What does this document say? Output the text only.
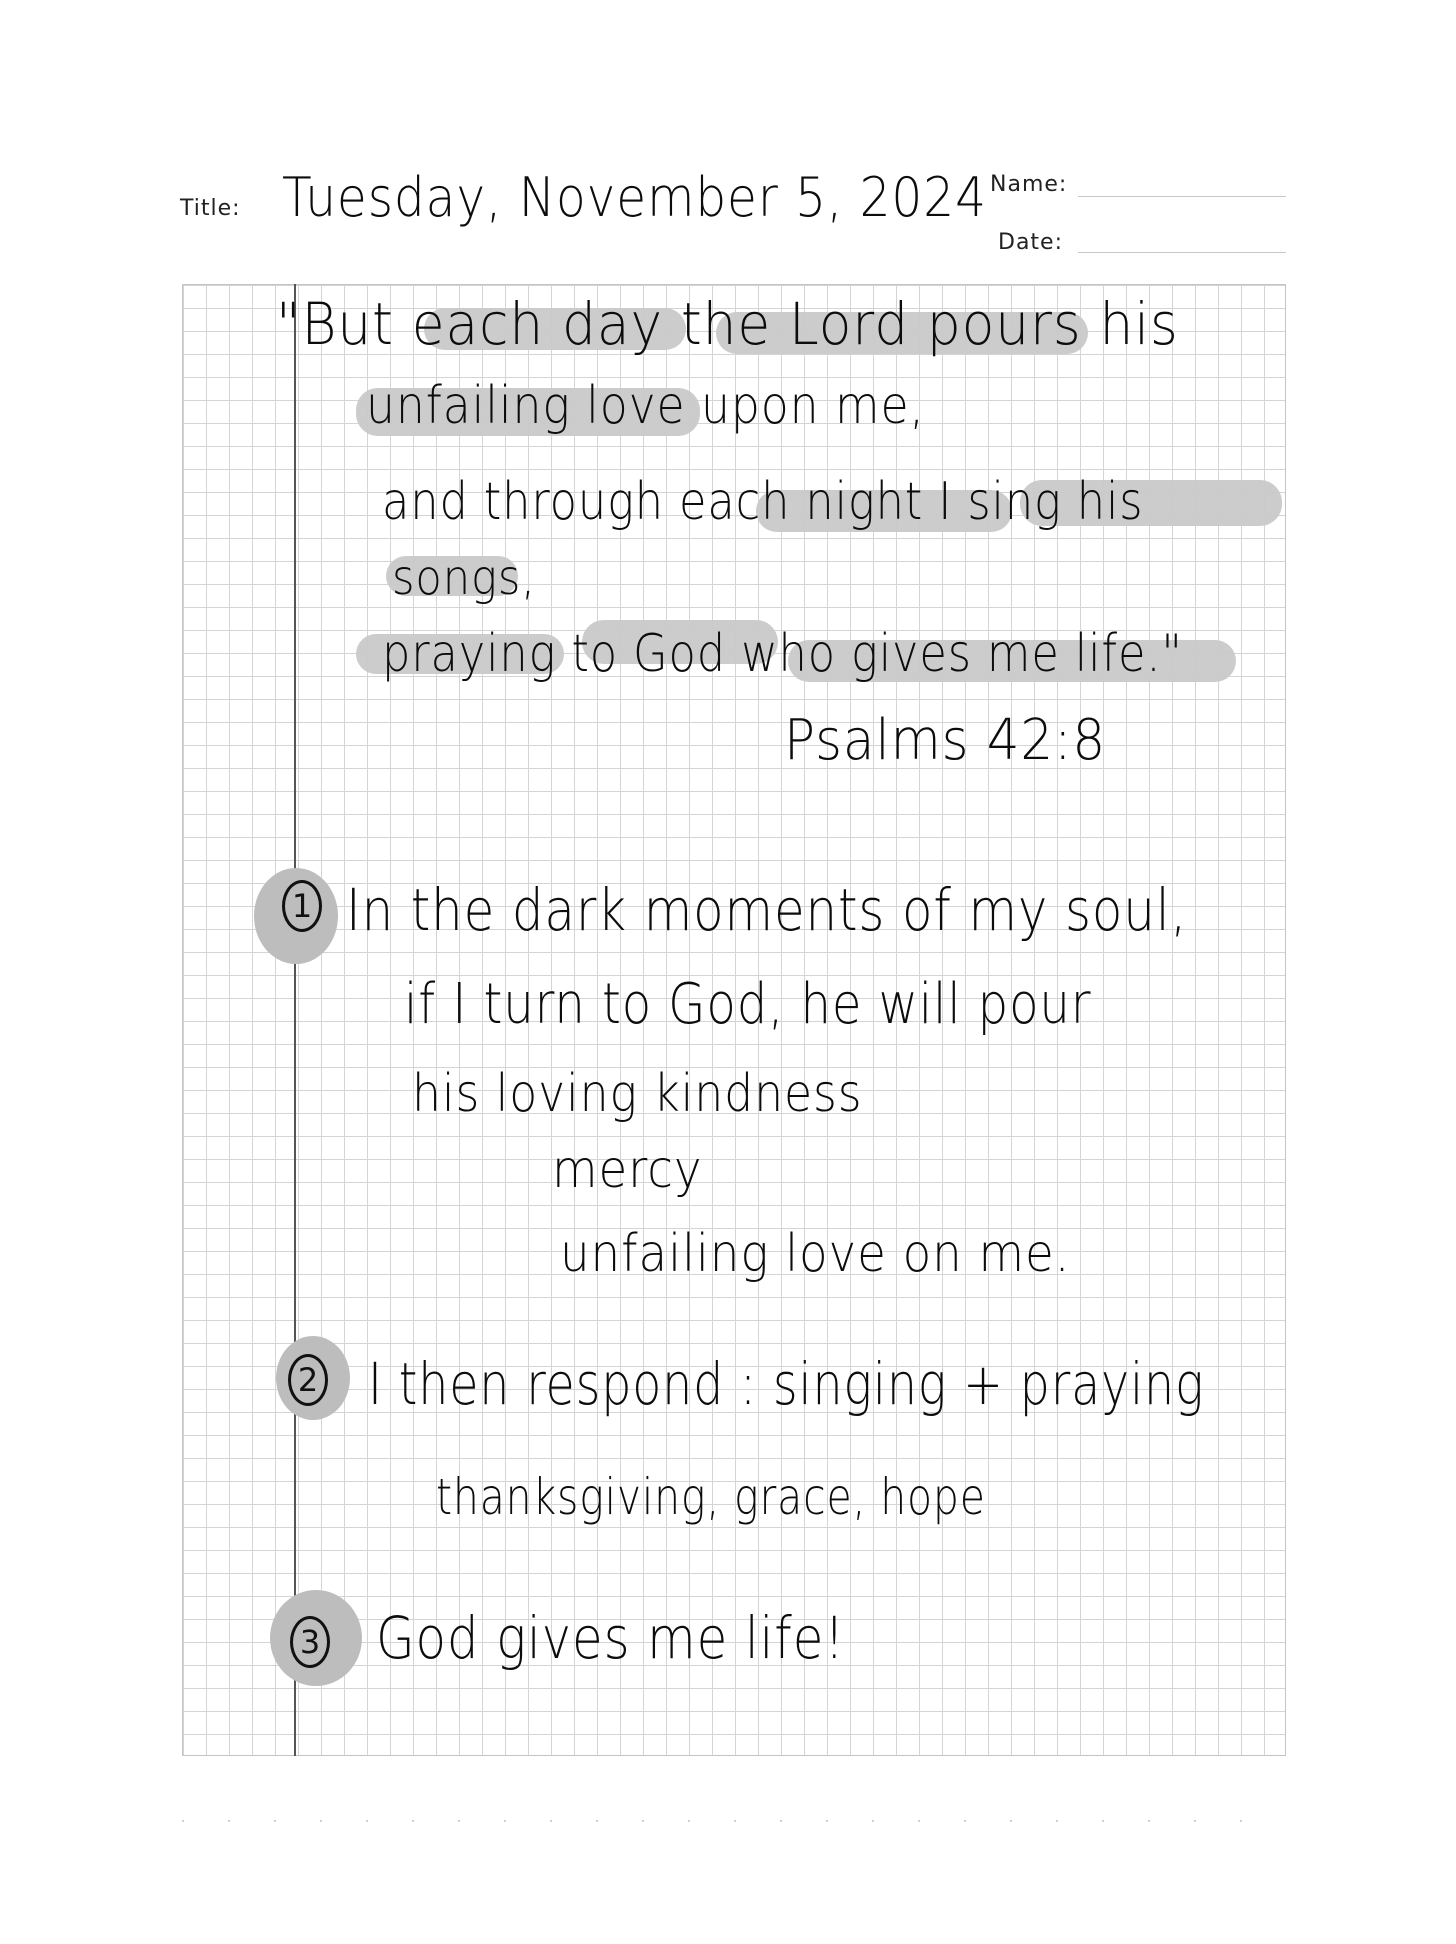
Title: Tuesday, November 5, 2024 Name:
Date:
"But each day the Lord pours his
unfailing love upon me,
and through each night I sing his
songs,
praying to God who gives me life."
Psalms 42:8
1 In the dark moments of my soul,
if I turn to God, he will pour
his loving kindness
mercy
unfailing love on me.
2 I then respond : singing + praying
thanksgiving, grace, hope
3 God gives me life!
